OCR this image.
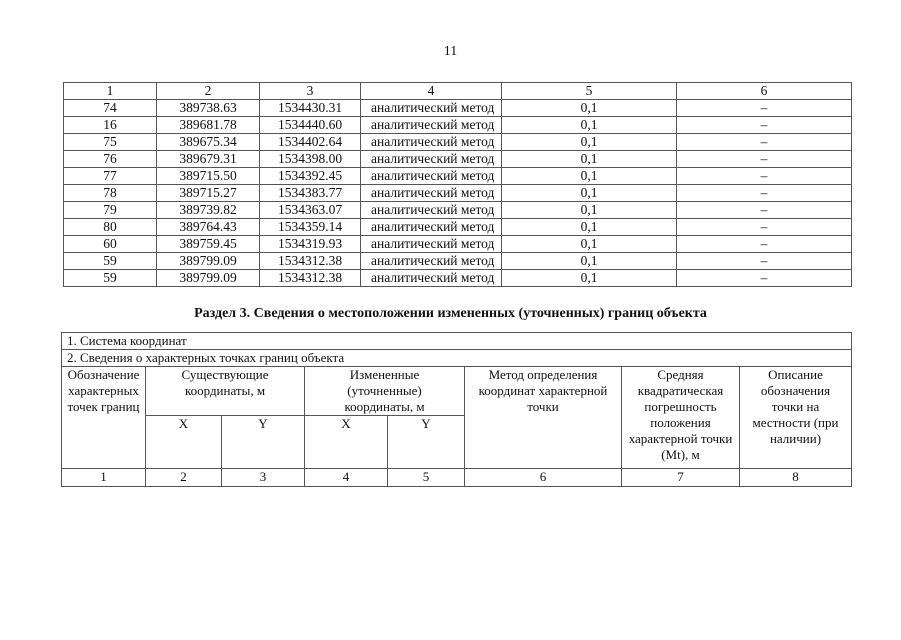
11
1	2	3	4	5	6
74	389738.63	1534430.31	аналитический метод	0,1	–
16	389681.78	1534440.60	аналитический метод	0,1	–
75	389675.34	1534402.64	аналитический метод	0,1	–
76	389679.31	1534398.00	аналитический метод	0,1	–
77	389715.50	1534392.45	аналитический метод	0,1	–
78	389715.27	1534383.77	аналитический метод	0,1	–
79	389739.82	1534363.07	аналитический метод	0,1	–
80	389764.43	1534359.14	аналитический метод	0,1	–
60	389759.45	1534319.93	аналитический метод	0,1	–
59	389799.09	1534312.38	аналитический метод	0,1	–
59	389799.09	1534312.38	аналитический метод	0,1	–
Раздел 3. Сведения о местоположении измененных (уточненных) границ объекта
1. Система координат							
2. Сведения о характерных точках границ объекта							
Обозначение характерных точек границ	Существующие координаты, м		Измененные (уточненные) координаты, м		Метод определения координат характерной точки	Средняя квадратическая погрешность положения характерной точки (Mt), м	Описание обозначения точки на местности (при наличии)
	X	Y	X	Y			
1	2	3	4	5	6	7	8
